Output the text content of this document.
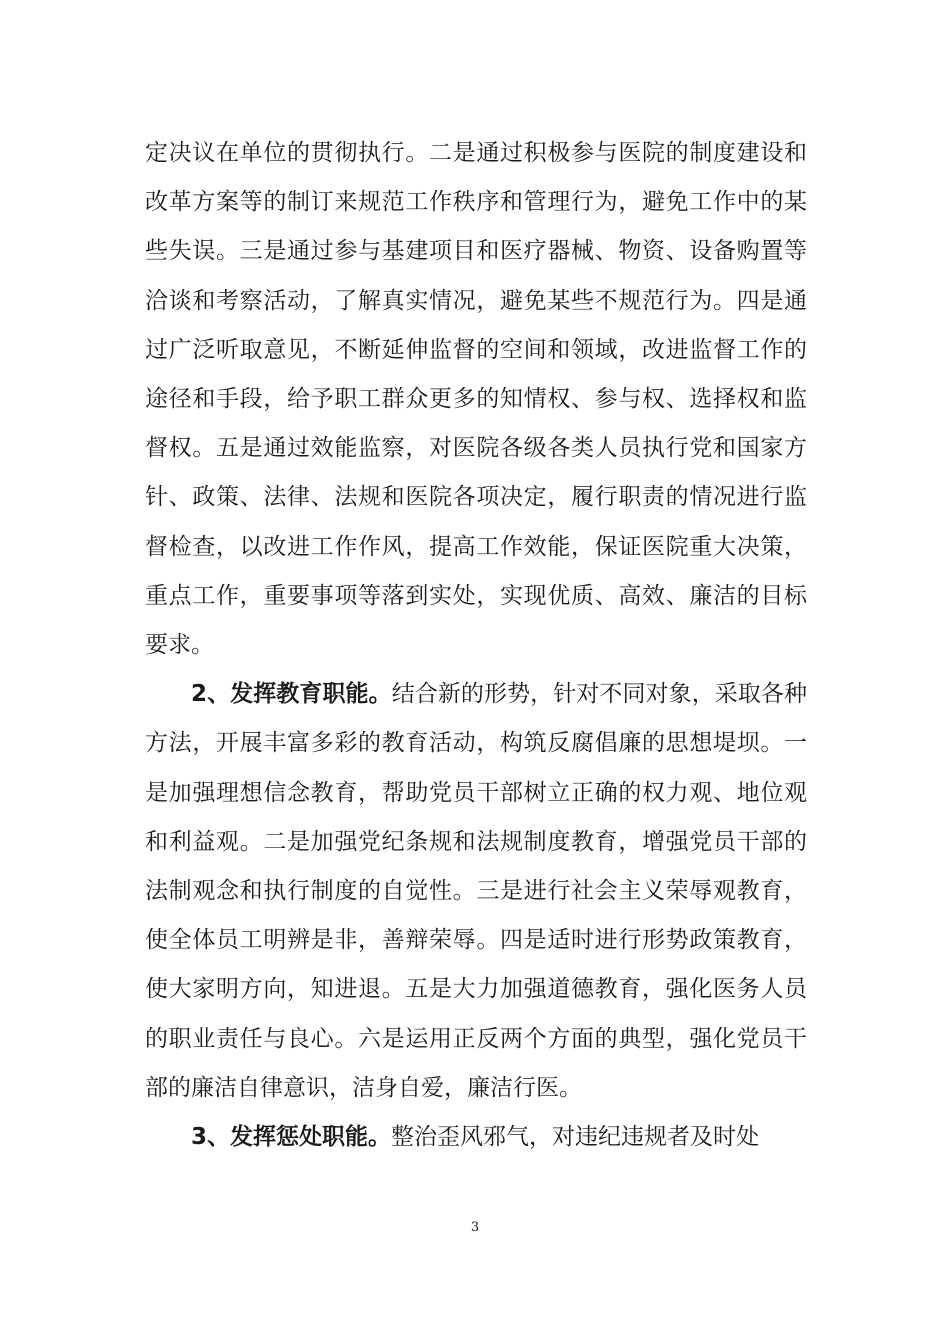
定决议在单位的贯彻执行。二是通过积极参与医院的制度建设和改革方案等的制订来规范工作秩序和管理行为，避免工作中的某些失误。三是通过参与基建项目和医疗器械、物资、设备购置等洽谈和考察活动，了解真实情况，避免某些不规范行为。四是通过广泛听取意见，不断延伸监督的空间和领域，改进监督工作的途径和手段，给予职工群众更多的知情权、参与权、选择权和监督权。五是通过效能监察，对医院各级各类人员执行党和国家方针、政策、法律、法规和医院各项决定，履行职责的情况进行监督检查，以改进工作作风，提高工作效能，保证医院重大决策，重点工作，重要事项等落到实处，实现优质、高效、廉洁的目标要求。

2、发挥教育职能。结合新的形势，针对不同对象，采取各种方法，开展丰富多彩的教育活动，构筑反腐倡廉的思想堤坝。一是加强理想信念教育，帮助党员干部树立正确的权力观、地位观和利益观。二是加强党纪条规和法规制度教育，增强党员干部的法制观念和执行制度的自觉性。三是进行社会主义荣辱观教育，使全体员工明辨是非，善辩荣辱。四是适时进行形势政策教育，使大家明方向，知进退。五是大力加强道德教育，强化医务人员的职业责任与良心。六是运用正反两个方面的典型，强化党员干部的廉洁自律意识，洁身自爱，廉洁行医。

3、发挥惩处职能。整治歪风邪气，对违纪违规者及时处

3
